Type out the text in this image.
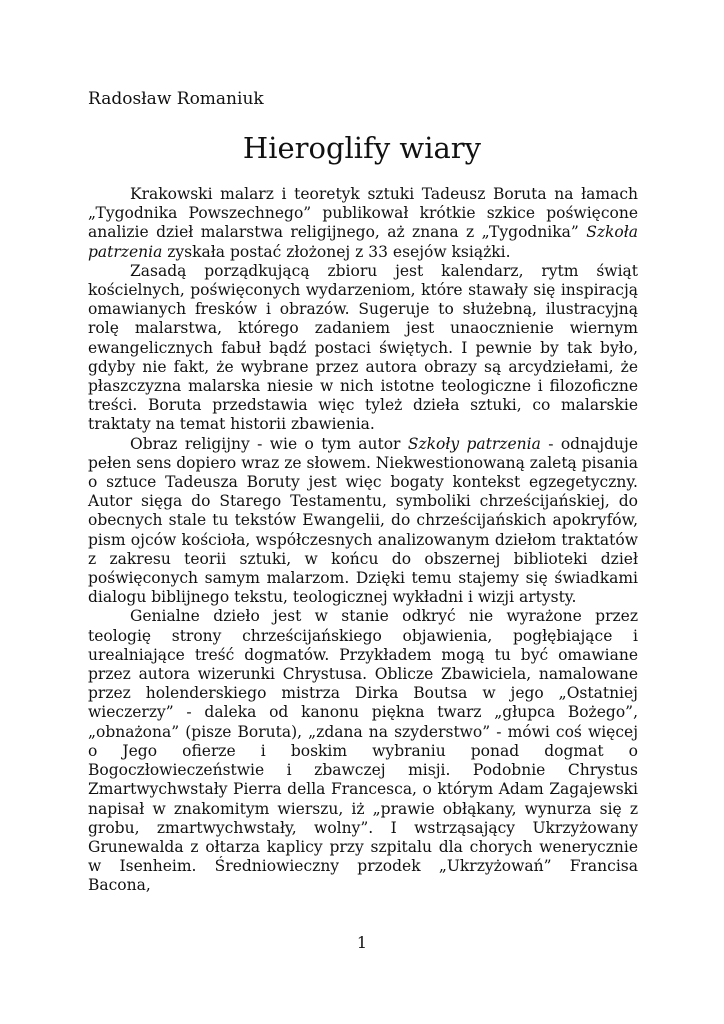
Radosław Romaniuk
Hieroglify wiary

Krakowski malarz i teoretyk sztuki Tadeusz Boruta na łamach „Tygodnika Powszechnego” publikował krótkie szkice poświęcone analizie dzieł malarstwa religijnego, aż znana z „Tygodnika” Szkoła patrzenia zyskała postać złożonej z 33 esejów książki.

Zasadą porządkującą zbioru jest kalendarz, rytm świąt kościelnych, poświęconych wydarzeniom, które stawały się inspiracją omawianych fresków i obrazów. Sugeruje to służebną, ilustracyjną rolę malarstwa, którego zadaniem jest unaocznienie wiernym ewangelicznych fabuł bądź postaci świętych. I pewnie by tak było, gdyby nie fakt, że wybrane przez autora obrazy są arcydziełami, że płaszczyzna malarska niesie w nich istotne teologiczne i filozoficzne treści. Boruta przedstawia więc tyleż dzieła sztuki, co malarskie traktaty na temat historii zbawienia.

Obraz religijny - wie o tym autor Szkoły patrzenia - odnajduje pełen sens dopiero wraz ze słowem. Niekwestionowaną zaletą pisania o sztuce Tadeusza Boruty jest więc bogaty kontekst egzegetyczny. Autor sięga do Starego Testamentu, symboliki chrześcijańskiej, do obecnych stale tu tekstów Ewangelii, do chrześcijańskich apokryfów, pism ojców kościoła, współczesnych analizowanym dziełom traktatów z zakresu teorii sztuki, w końcu do obszernej biblioteki dzieł poświęconych samym malarzom. Dzięki temu stajemy się świadkami dialogu biblijnego tekstu, teologicznej wykładni i wizji artysty.

Genialne dzieło jest w stanie odkryć nie wyrażone przez teologię strony chrześcijańskiego objawienia, pogłębiające i urealniające treść dogmatów. Przykładem mogą tu być omawiane przez autora wizerunki Chrystusa. Oblicze Zbawiciela, namalowane przez holenderskiego mistrza Dirka Boutsa w jego „Ostatniej wieczerzy” - daleka od kanonu piękna twarz „głupca Bożego”, „obnażona” (pisze Boruta), „zdana na szyderstwo” - mówi coś więcej o Jego ofierze i boskim wybraniu ponad dogmat o Bogoczłowieczeństwie i zbawczej misji. Podobnie Chrystus Zmartwychwstały Pierra della Francesca, o którym Adam Zagajewski napisał w znakomitym wierszu, iż „prawie obłąkany, wynurza się z grobu, zmartwychwstały, wolny”. I wstrząsający Ukrzyżowany Grunewalda z ołtarza kaplicy przy szpitalu dla chorych wenerycznie w Isenheim. Średniowieczny przodek „Ukrzyżowań” Francisa Bacona,

1
